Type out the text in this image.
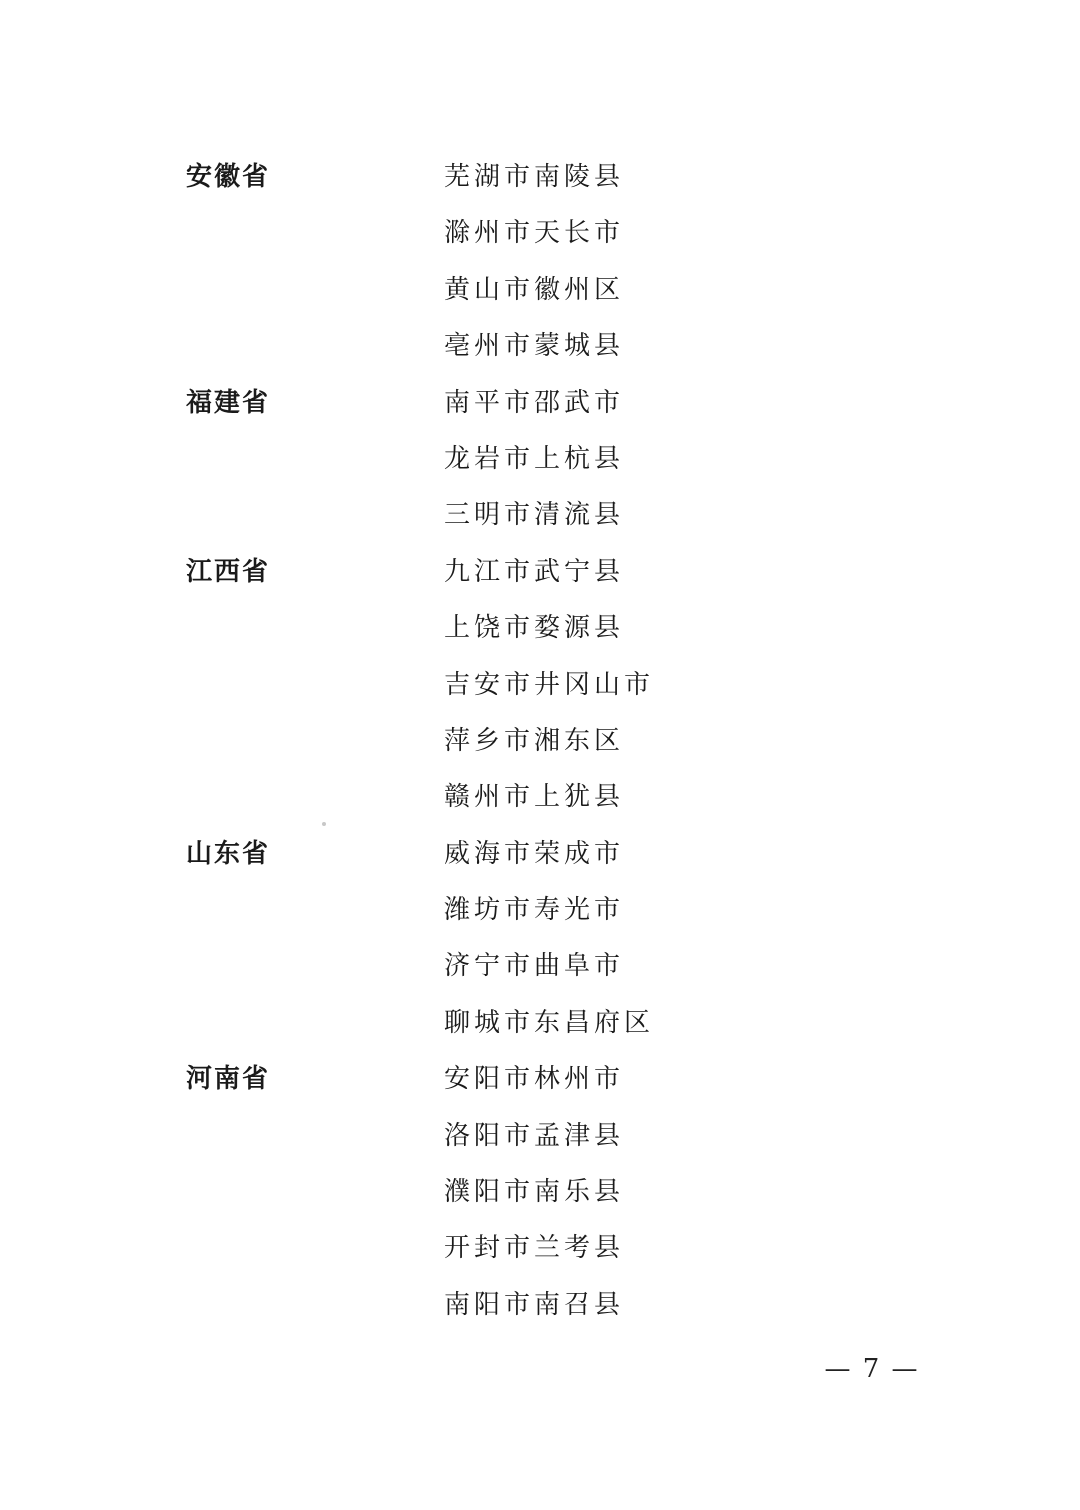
安徽省	芜湖市南陵县
滁州市天长市
黄山市徽州区
亳州市蒙城县
福建省	南平市邵武市
龙岩市上杭县
三明市清流县
江西省	九江市武宁县
上饶市婺源县
吉安市井冈山市
萍乡市湘东区
赣州市上犹县
山东省	威海市荣成市
潍坊市寿光市
济宁市曲阜市
聊城市东昌府区
河南省	安阳市林州市
洛阳市孟津县
濮阳市南乐县
开封市兰考县
南阳市南召县
— 7 —
